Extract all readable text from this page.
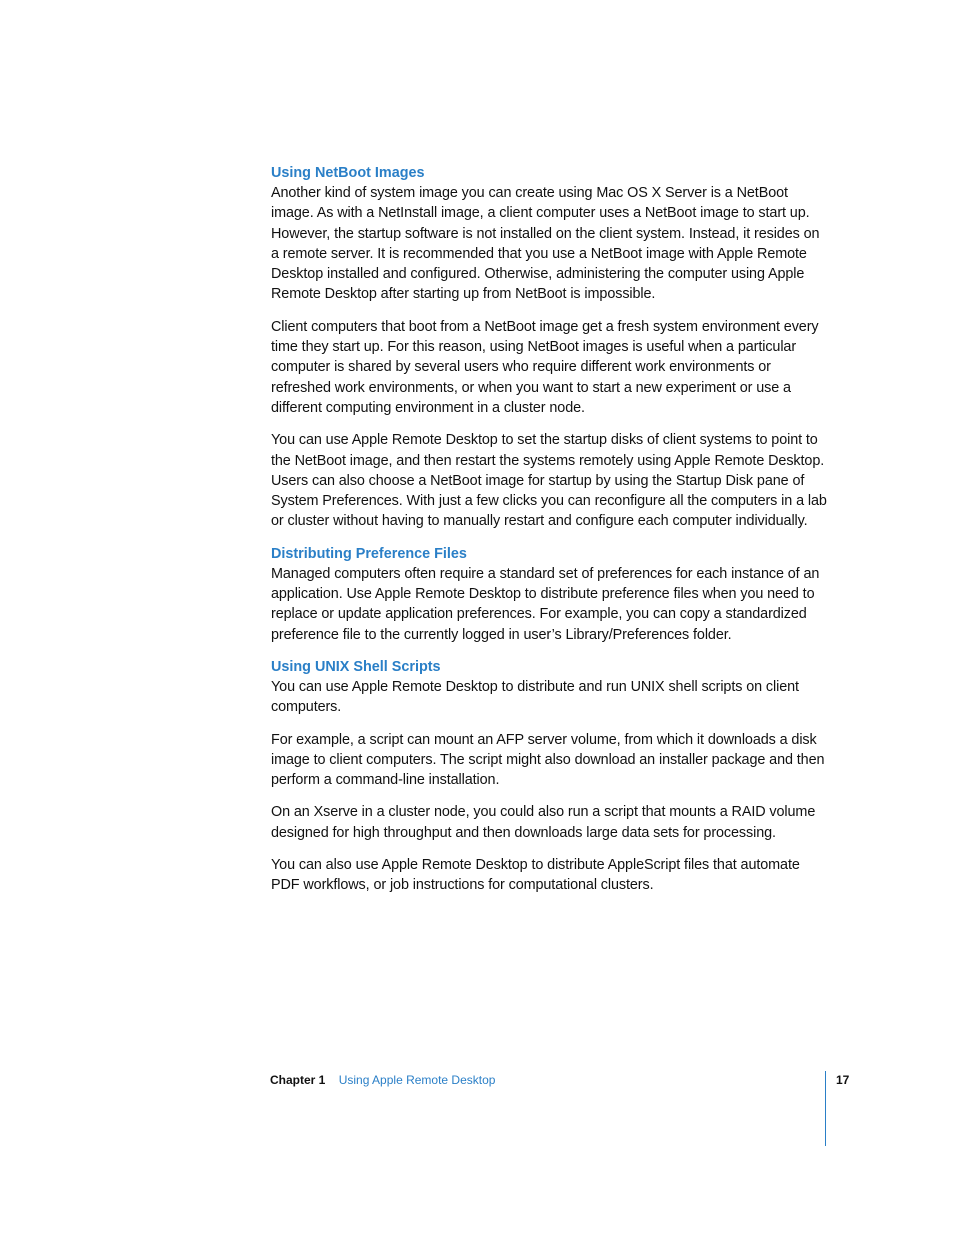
Using NetBoot Images

Another kind of system image you can create using Mac OS X Server is a NetBoot image. As with a NetInstall image, a client computer uses a NetBoot image to start up. However, the startup software is not installed on the client system. Instead, it resides on a remote server. It is recommended that you use a NetBoot image with Apple Remote Desktop installed and configured. Otherwise, administering the computer using Apple Remote Desktop after starting up from NetBoot is impossible.

Client computers that boot from a NetBoot image get a fresh system environment every time they start up. For this reason, using NetBoot images is useful when a particular computer is shared by several users who require different work environments or refreshed work environments, or when you want to start a new experiment or use a different computing environment in a cluster node.

You can use Apple Remote Desktop to set the startup disks of client systems to point to the NetBoot image, and then restart the systems remotely using Apple Remote Desktop. Users can also choose a NetBoot image for startup by using the Startup Disk pane of System Preferences. With just a few clicks you can reconfigure all the computers in a lab or cluster without having to manually restart and configure each computer individually.

Distributing Preference Files

Managed computers often require a standard set of preferences for each instance of an application. Use Apple Remote Desktop to distribute preference files when you need to replace or update application preferences. For example, you can copy a standardized preference file to the currently logged in user’s Library/Preferences folder.

Using UNIX Shell Scripts

You can use Apple Remote Desktop to distribute and run UNIX shell scripts on client computers.

For example, a script can mount an AFP server volume, from which it downloads a disk image to client computers. The script might also download an installer package and then perform a command-line installation.

On an Xserve in a cluster node, you could also run a script that mounts a RAID volume designed for high throughput and then downloads large data sets for processing.

You can also use Apple Remote Desktop to distribute AppleScript files that automate PDF workflows, or job instructions for computational clusters.

Chapter 1 Using Apple Remote Desktop	17
